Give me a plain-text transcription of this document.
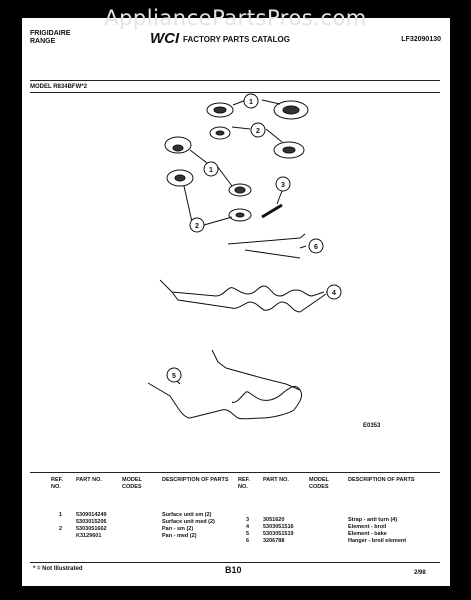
AppliancePartsPros.com
FRIGIDAIRE
RANGE	WCI FACTORY PARTS CATALOG	LF32090130
MODEL R834BFW*2
1
2
1
2
3
6
4
5
E0353
REF. NO.
PART NO.	MODEL CODES
DESCRIPTION OF PARTS
1	5309014249	Surface unit sm (2)
5303015206	Surface unit med (2)
2	5303051662	Pan - sm (2)
K3129601	Pan - med (2)
REF. NO.
PART NO.	MODEL CODES
DESCRIPTION OF PARTS
3	3051620	Strap - anti turn (4)
4	5303051516	Element - broil
5	5303051519	Element - bake
6	3206788	Hanger - broil element
* = Not Illustrated	B10	2/98
